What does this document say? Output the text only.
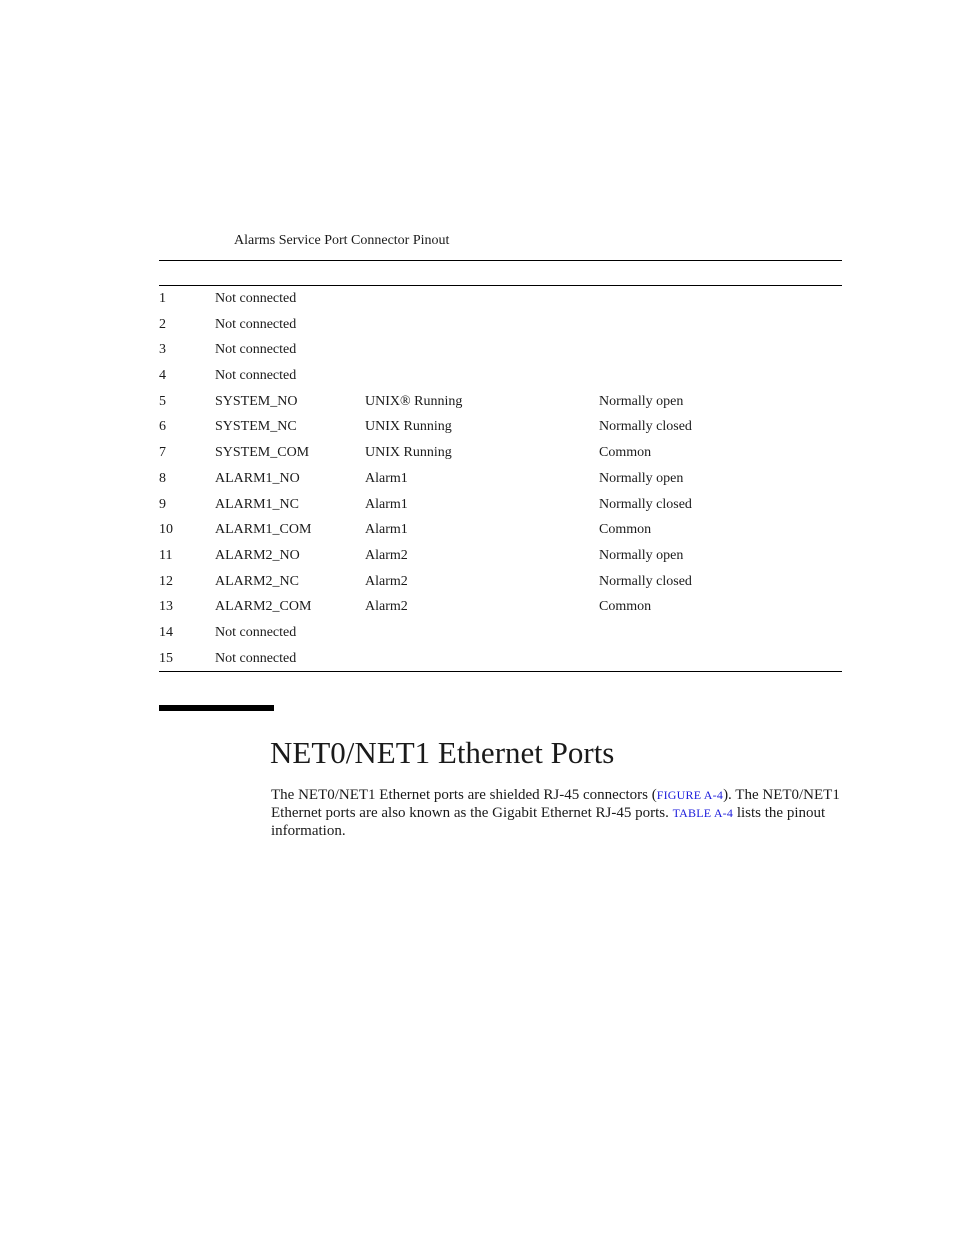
Alarms Service Port Connector Pinout
1	Not connected
2	Not connected
3	Not connected
4	Not connected
5	SYSTEM_NO	UNIX® Running	Normally open
6	SYSTEM_NC	UNIX Running	Normally closed
7	SYSTEM_COM	UNIX Running	Common
8	ALARM1_NO	Alarm1	Normally open
9	ALARM1_NC	Alarm1	Normally closed
10	ALARM1_COM	Alarm1	Common
11	ALARM2_NO	Alarm2	Normally open
12	ALARM2_NC	Alarm2	Normally closed
13	ALARM2_COM	Alarm2	Common
14	Not connected
15	Not connected
NET0/NET1 Ethernet Ports

The NET0/NET1 Ethernet ports are shielded RJ-45 connectors (FIGURE A-4). The NET0/NET1 Ethernet ports are also known as the Gigabit Ethernet RJ-45 ports. TABLE A-4 lists the pinout information.
